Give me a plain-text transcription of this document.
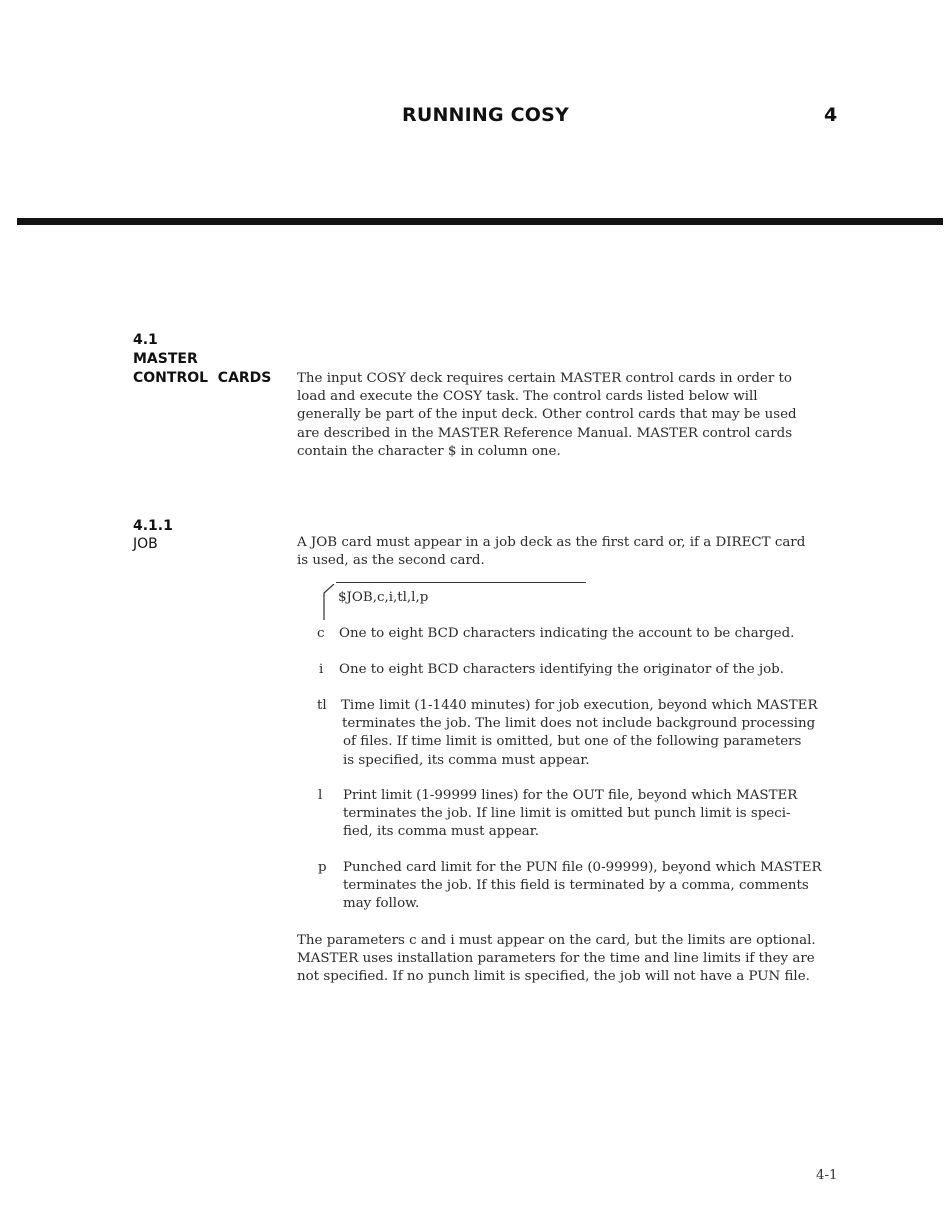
RUNNING COSY	4
4.1
MASTER
CONTROL  CARDS The input COSY deck requires certain MASTER control cards in order to
load and execute the COSY task. The control cards listed below will
generally be part of the input deck. Other control cards that may be used
are described in the MASTER Reference Manual. MASTER control cards
contain the character $ in column one.
4.1.1
JOB	A JOB card must appear in a job deck as the first card or, if a DIRECT card
is used, as the second card.
$JOB,c,i,tl,l,p
c	One to eight BCD characters indicating the account to be charged.
i	One to eight BCD characters identifying the originator of the job.
tl	Time limit (1-1440 minutes) for job execution, beyond which MASTER
terminates the job. The limit does not include background processing
of files. If time limit is omitted, but one of the following parameters
is specified, its comma must appear.
l	Print limit (1-99999 lines) for the OUT file, beyond which MASTER
terminates the job. If line limit is omitted but punch limit is speci-
fied, its comma must appear.
p	Punched card limit for the PUN file (0-99999), beyond which MASTER
terminates the job. If this field is terminated by a comma, comments
may follow.
The parameters c and i must appear on the card, but the limits are optional.
MASTER uses installation parameters for the time and line limits if they are
not specified. If no punch limit is specified, the job will not have a PUN file.
4-1
